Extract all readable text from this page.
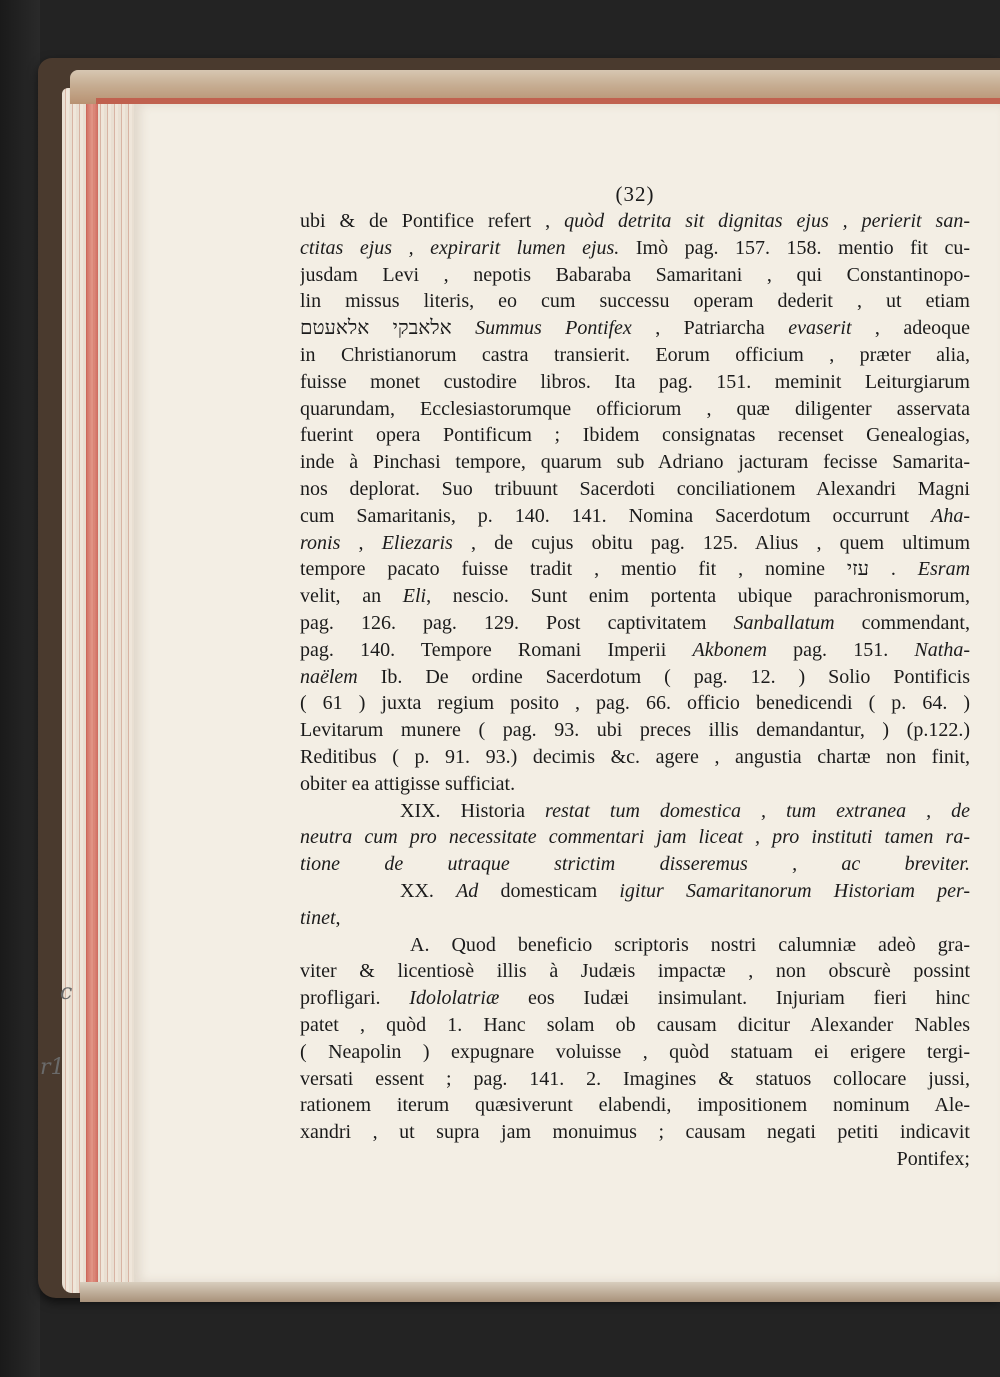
c
r1
(32)
ubi & de Pontifice refert , quòd detrita sit dignitas ejus , perierit san-
ctitas ejus , expirarit lumen ejus. Imò pag. 157. 158. mentio fit cu-
jusdam Levi , nepotis Babaraba Samaritani , qui Constantinopo-
lin missus literis, eo cum successu operam dederit , ut etiam
אלאבקי אלאעטם Summus Pontifex , Patriarcha evaserit , adeoque
in Christianorum castra transierit. Eorum officium , præter alia,
fuisse monet custodire libros. Ita pag. 151. meminit Leiturgiarum
quarundam, Ecclesiastorumque officiorum , quæ diligenter asservata
fuerint opera Pontificum ; Ibidem consignatas recenset Genealogias,
inde à Pinchasi tempore, quarum sub Adriano jacturam fecisse Samarita-
nos deplorat. Suo tribuunt Sacerdoti conciliationem Alexandri Magni
cum Samaritanis, p. 140. 141. Nomina Sacerdotum occurrunt Aha-
ronis , Eliezaris , de cujus obitu pag. 125. Alius , quem ultimum
tempore pacato fuisse tradit , mentio fit , nomine עזי . Esram
velit, an Eli, nescio. Sunt enim portenta ubique parachronismorum,
pag. 126. pag. 129. Post captivitatem Sanballatum commendant,
pag. 140. Tempore Romani Imperii Akbonem pag. 151. Natha-
naëlem Ib. De ordine Sacerdotum ( pag. 12. ) Solio Pontificis
( 61 ) juxta regium posito , pag. 66. officio benedicendi ( p. 64. )
Levitarum munere ( pag. 93. ubi preces illis demandantur, ) (p.122.)
Reditibus ( p. 91. 93.) decimis &c. agere , angustia chartæ non finit,
obiter ea attigisse sufficiat.
XIX. Historia restat tum domestica , tum extranea , de
neutra cum pro necessitate commentari jam liceat , pro instituti tamen ra-
tione de utraque strictim disseremus , ac breviter.
XX. Ad domesticam igitur Samaritanorum Historiam per-
tinet,
A. Quod beneficio scriptoris nostri calumniæ adeò gra-
viter & licentiosè illis à Judæis impactæ , non obscurè possint
profligari. Idololatriæ eos Iudæi insimulant. Injuriam fieri hinc
patet , quòd 1. Hanc solam ob causam dicitur Alexander Nables
( Neapolin ) expugnare voluisse , quòd statuam ei erigere tergi-
versati essent ; pag. 141. 2. Imagines & statuos collocare jussi,
rationem iterum quæsiverunt elabendi, impositionem nominum Ale-
xandri , ut supra jam monuimus ; causam negati petiti indicavit
Pontifex;
